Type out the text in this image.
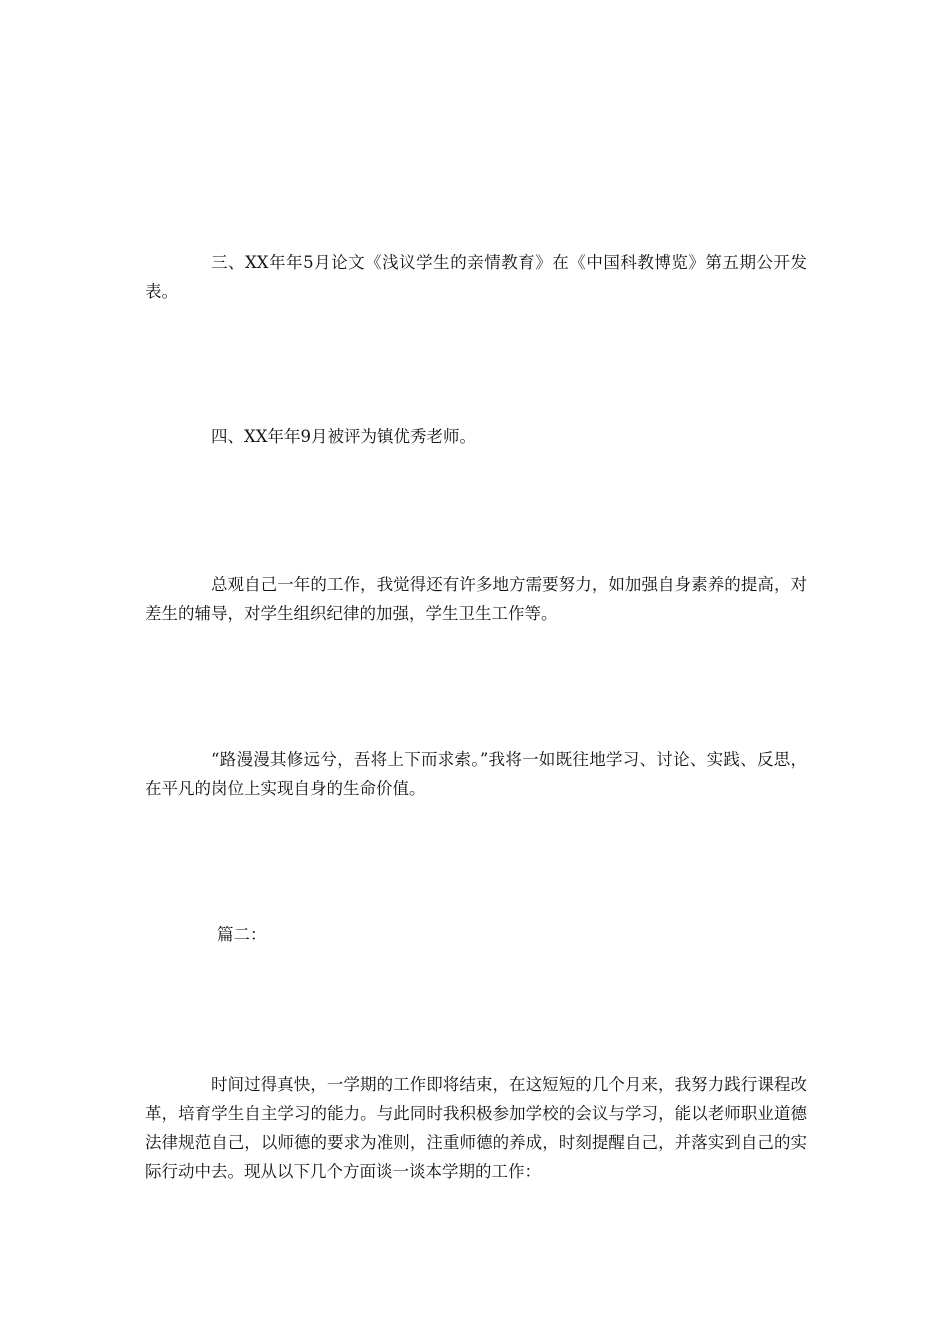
三、XX年年5月论文《浅议学生的亲情教育》在《中国科教博览》第五期公开发表。

四、XX年年9月被评为镇优秀老师。

总观自己一年的工作，我觉得还有许多地方需要努力，如加强自身素养的提高，对差生的辅导，对学生组织纪律的加强，学生卫生工作等。

“路漫漫其修远兮，吾将上下而求索。”我将一如既往地学习、讨论、实践、反思，在平凡的岗位上实现自身的生命价值。

篇二：

时间过得真快，一学期的工作即将结束，在这短短的几个月来，我努力践行课程改革，培育学生自主学习的能力。与此同时我积极参加学校的会议与学习，能以老师职业道德法律规范自己，以师德的要求为准则，注重师德的养成，时刻提醒自己，并落实到自己的实际行动中去。现从以下几个方面谈一谈本学期的工作：
